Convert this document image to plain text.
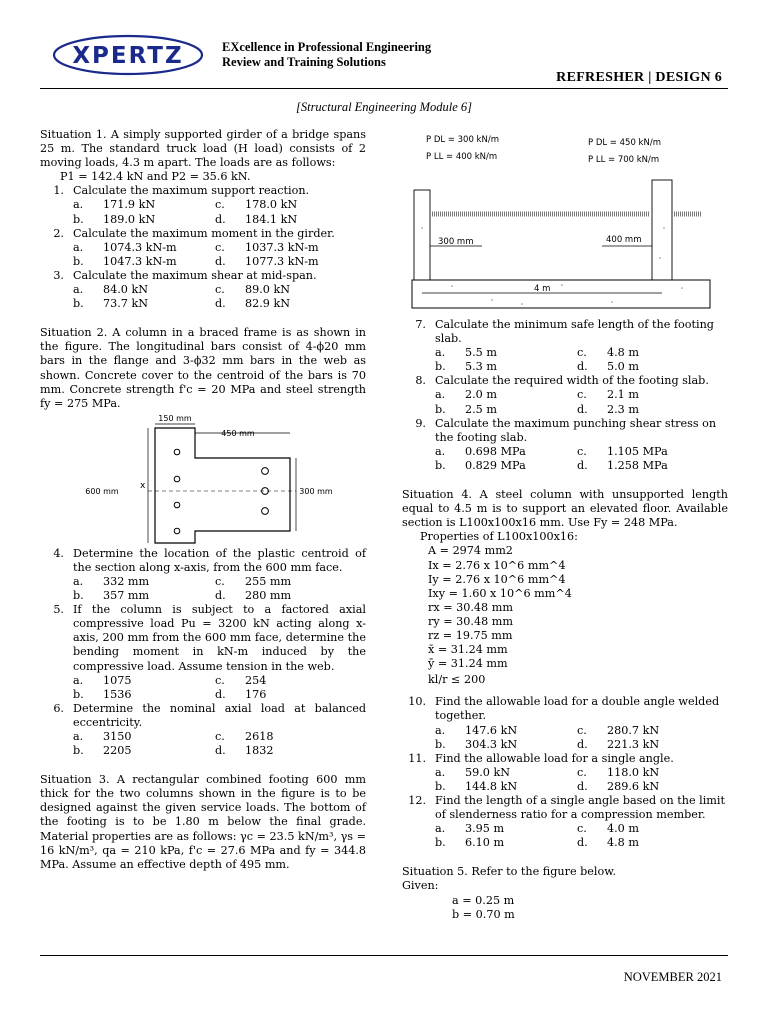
XPERTZ	EXcellence in Professional Engineering
Review and Training Solutions
REFRESHER | DESIGN 6
[Structural Engineering Module 6]

Situation 1. A simply supported girder of a bridge spans 25 m. The standard truck load (H load) consists of 2 moving loads, 4.3 m apart. The loads are as follows:

P1 = 142.4 kN and P2 = 35.6 kN.

1. Calculate the maximum support reaction.
a.	171.9 kN	c.	178.0 kN
b.	189.0 kN	d.	184.1 kN
2. Calculate the maximum moment in the girder.
a.	1074.3 kN-m	c.	1037.3 kN-m
b.	1047.3 kN-m	d.	1077.3 kN-m
3. Calculate the maximum shear at mid-span.
a.	84.0 kN	c.	89.0 kN
b.	73.7 kN	d.	82.9 kN

Situation 2. A column in a braced frame is as shown in the figure. The longitudinal bars consist of 4-ϕ20 mm bars in the flange and 3-ϕ32 mm bars in the web as shown. Concrete cover to the centroid of the bars is 70 mm. Concrete strength f'c = 20 MPa and steel strength fy = 275 MPa.

150 mm
450 mm
600 mm	300 mm
x
4. Determine the location of the plastic centroid of the section along x-axis, from the 600 mm face.
a.	332 mm	c.	255 mm
b.	357 mm	d.	280 mm
5. If the column is subject to a factored axial compressive load Pu = 3200 kN acting along x-axis, 200 mm from the 600 mm face, determine the bending moment in kN-m induced by the compressive load. Assume tension in the web.
a.	1075	c.	254
b.	1536	d.	176
6. Determine the nominal axial load at balanced eccentricity.
a.	3150	c.	2618
b.	2205	d.	1832

Situation 3. A rectangular combined footing 600 mm thick for the two columns shown in the figure is to be designed against the given service loads. The bottom of the footing is to be 1.80 m below the final grade. Material properties are as follows: γc = 23.5 kN/m³, γs = 16 kN/m³, qa = 210 kPa, f'c = 27.6 MPa and fy = 344.8 MPa. Assume an effective depth of 495 mm.

P DL = 300 kN/m
P LL = 400 kN/m
P DL = 450 kN/m
P LL = 700 kN/m
300 mm	400 mm
4 m
7. Calculate the minimum safe length of the footing slab.
a.	5.5 m	c.	4.8 m
b.	5.3 m	d.	5.0 m
8. Calculate the required width of the footing slab.
a.	2.0 m	c.	2.1 m
b.	2.5 m	d.	2.3 m
9. Calculate the maximum punching shear stress on the footing slab.
a.	0.698 MPa	c.	1.105 MPa
b.	0.829 MPa	d.	1.258 MPa

Situation 4. A steel column with unsupported length equal to 4.5 m is to support an elevated floor. Available section is L100x100x16 mm. Use Fy = 248 MPa.

Properties of L100x100x16:

A = 2974 mm2

Ix = 2.76 x 10^6 mm^4

Iy = 2.76 x 10^6 mm^4

Ixy = 1.60 x 10^6 mm^4

rx = 30.48 mm

ry = 30.48 mm

rz = 19.75 mm

x̄ = 31.24 mm

ȳ = 31.24 mm

kl/r ≤ 200

10. Find the allowable load for a double angle welded together.
a.	147.6 kN	c.	280.7 kN
b.	304.3 kN	d.	221.3 kN
11. Find the allowable load for a single angle.
a.	59.0 kN	c.	118.0 kN
b.	144.8 kN	d.	289.6 kN
12. Find the length of a single angle based on the limit of slenderness ratio for a compression member.
a.	3.95 m	c.	4.0 m
b.	6.10 m	d.	4.8 m

Situation 5. Refer to the figure below.

Given:

a = 0.25 m

b = 0.70 m

NOVEMBER 2021
